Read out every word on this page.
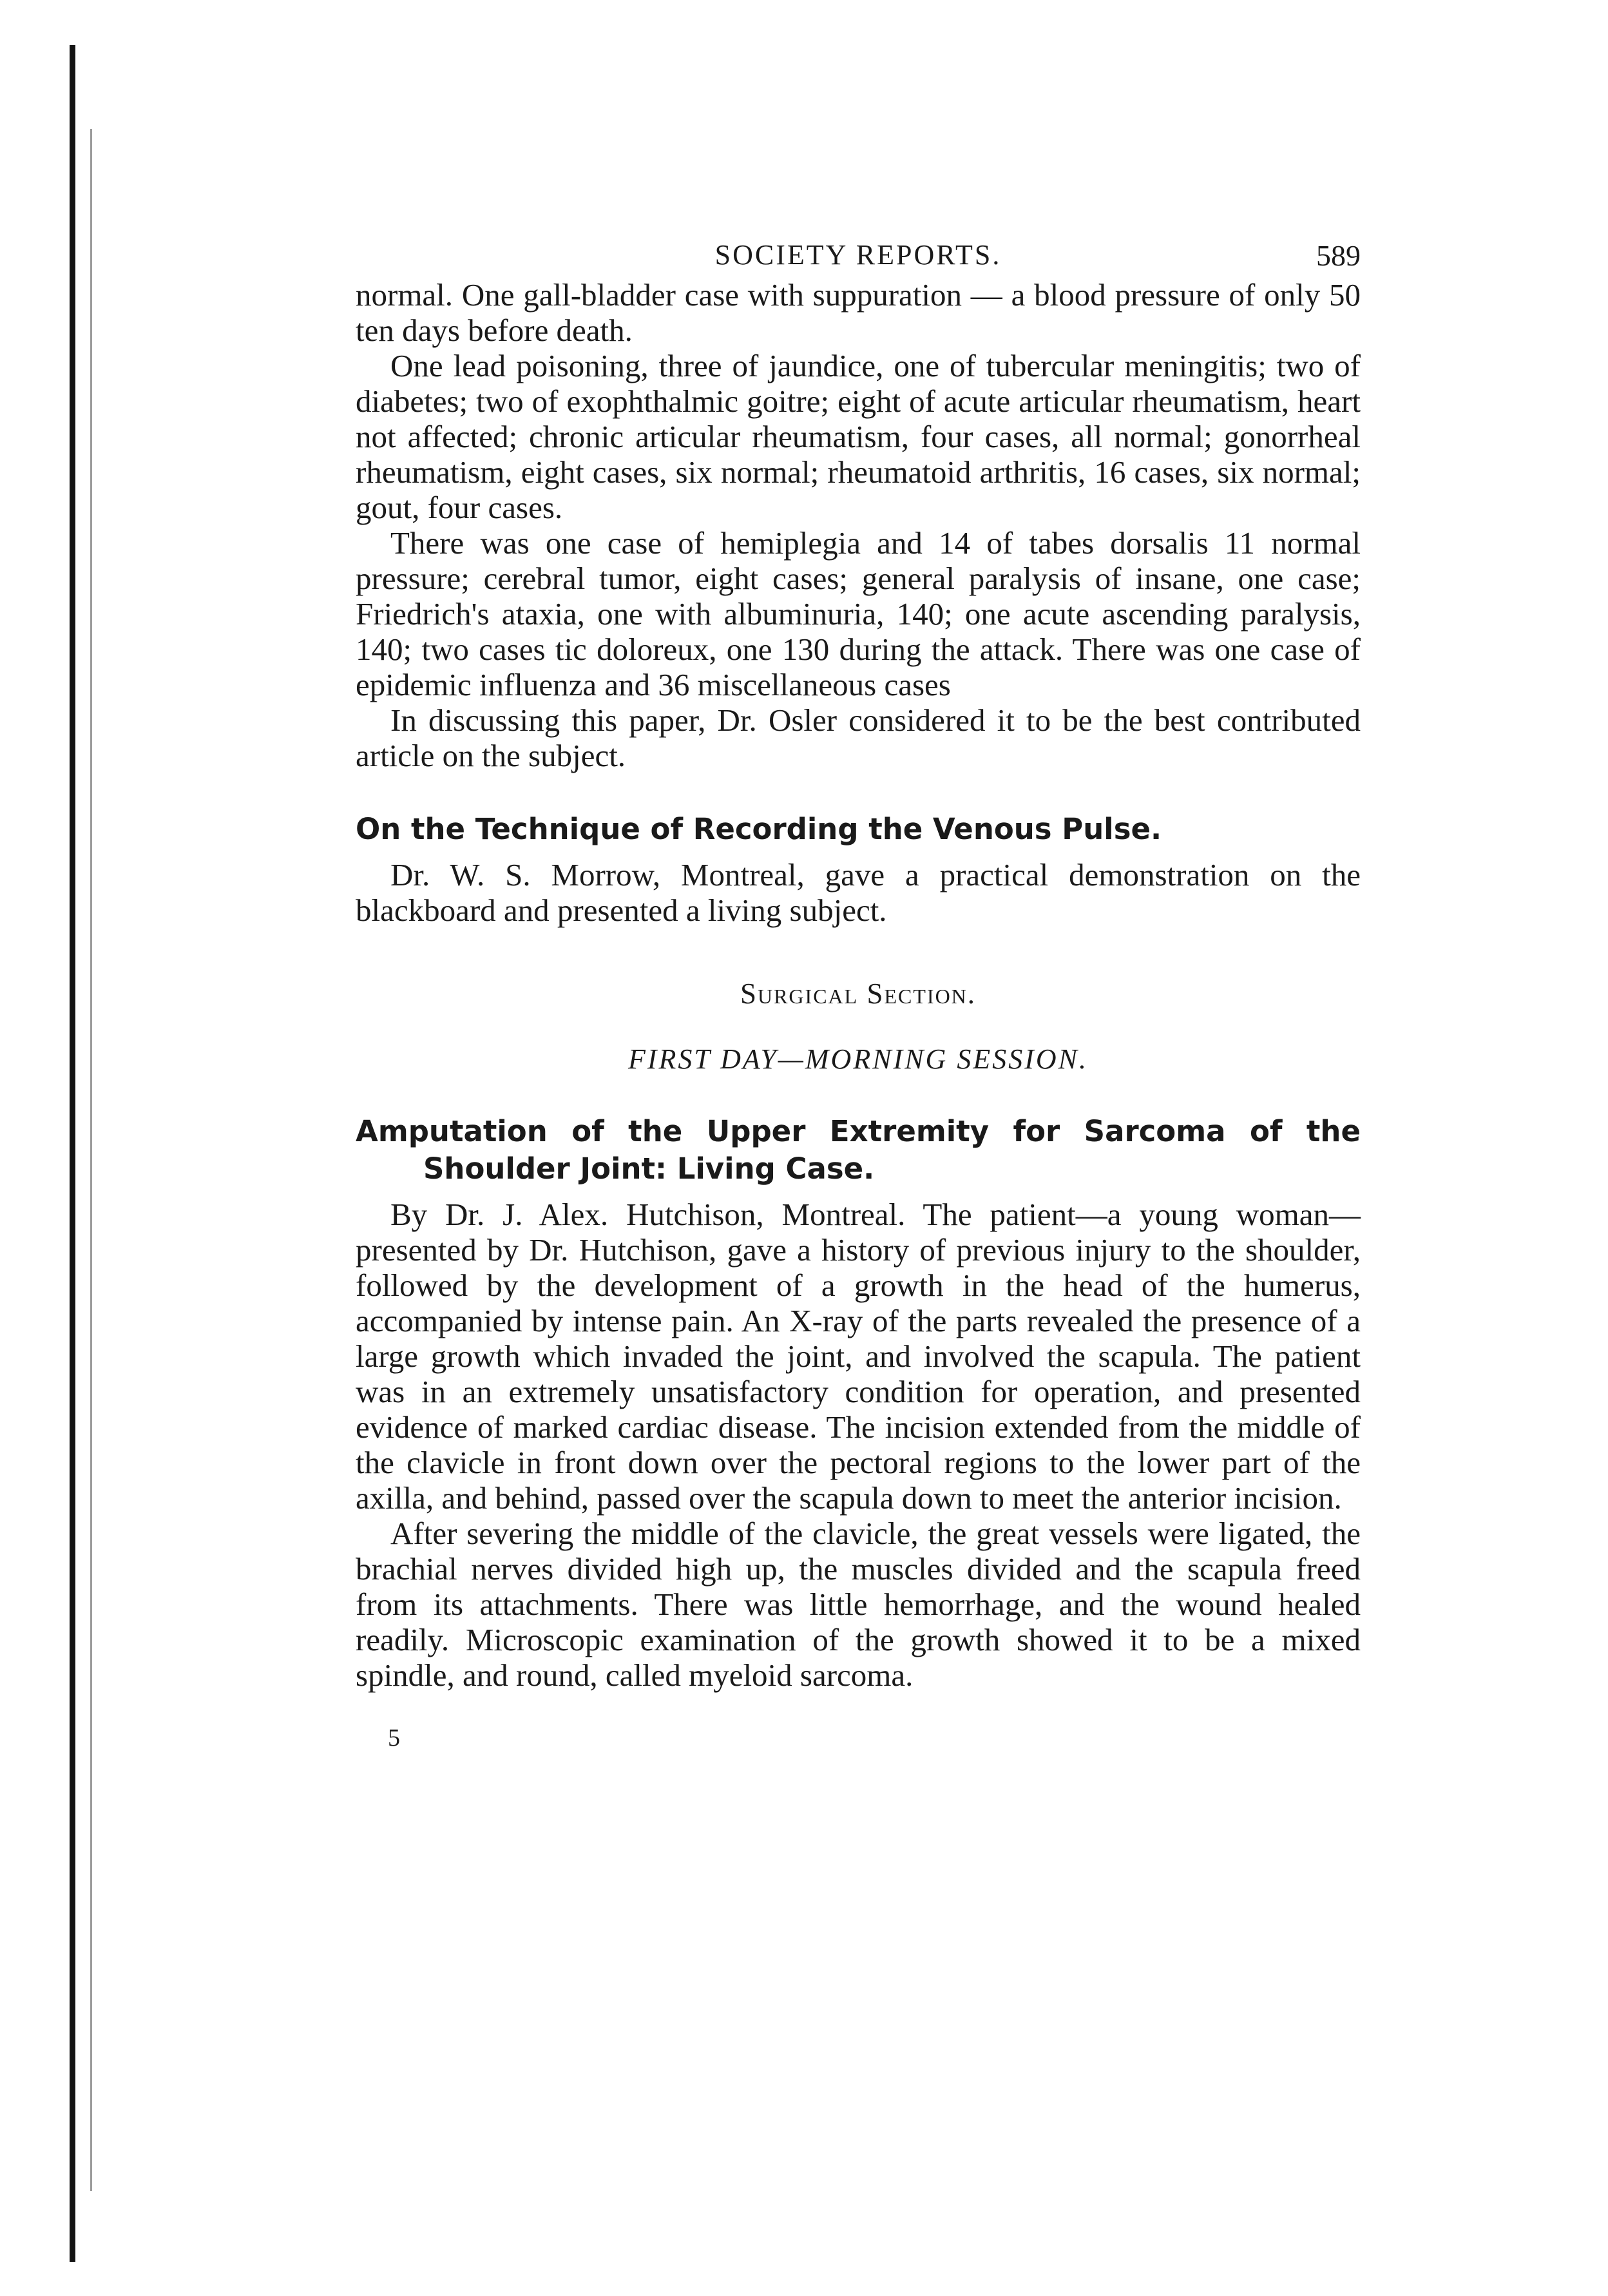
SOCIETY REPORTS.	589

normal. One gall-bladder case with suppuration — a blood pressure of only 50 ten days before death.

One lead poisoning, three of jaundice, one of tubercular meningitis; two of diabetes; two of exophthalmic goitre; eight of acute articular rheumatism, heart not affected; chronic articular rheumatism, four cases, all normal; gonorrheal rheumatism, eight cases, six normal; rheumatoid arthritis, 16 cases, six normal; gout, four cases.

There was one case of hemiplegia and 14 of tabes dorsalis 11 normal pressure; cerebral tumor, eight cases; general paralysis of insane, one case; Friedrich's ataxia, one with albuminuria, 140; one acute ascending paralysis, 140; two cases tic doloreux, one 130 during the attack. There was one case of epidemic influenza and 36 miscellaneous cases

In discussing this paper, Dr. Osler considered it to be the best contributed article on the subject.

On the Technique of Recording the Venous Pulse.

Dr. W. S. Morrow, Montreal, gave a practical demonstration on the blackboard and presented a living subject.

Surgical Section.
FIRST DAY—MORNING SESSION.
Amputation of the Upper Extremity for Sarcoma of the Shoulder Joint: Living Case.

By Dr. J. Alex. Hutchison, Montreal. The patient—a young woman—presented by Dr. Hutchison, gave a history of previous injury to the shoulder, followed by the development of a growth in the head of the humerus, accompanied by intense pain. An X-ray of the parts revealed the presence of a large growth which invaded the joint, and involved the scapula. The patient was in an extremely unsatisfactory condition for operation, and presented evidence of marked cardiac disease. The incision extended from the middle of the clavicle in front down over the pectoral regions to the lower part of the axilla, and behind, passed over the scapula down to meet the anterior incision.

After severing the middle of the clavicle, the great vessels were ligated, the brachial nerves divided high up, the muscles divided and the scapula freed from its attachments. There was little hemorrhage, and the wound healed readily. Microscopic examination of the growth showed it to be a mixed spindle, and round, called myeloid sarcoma.

5
